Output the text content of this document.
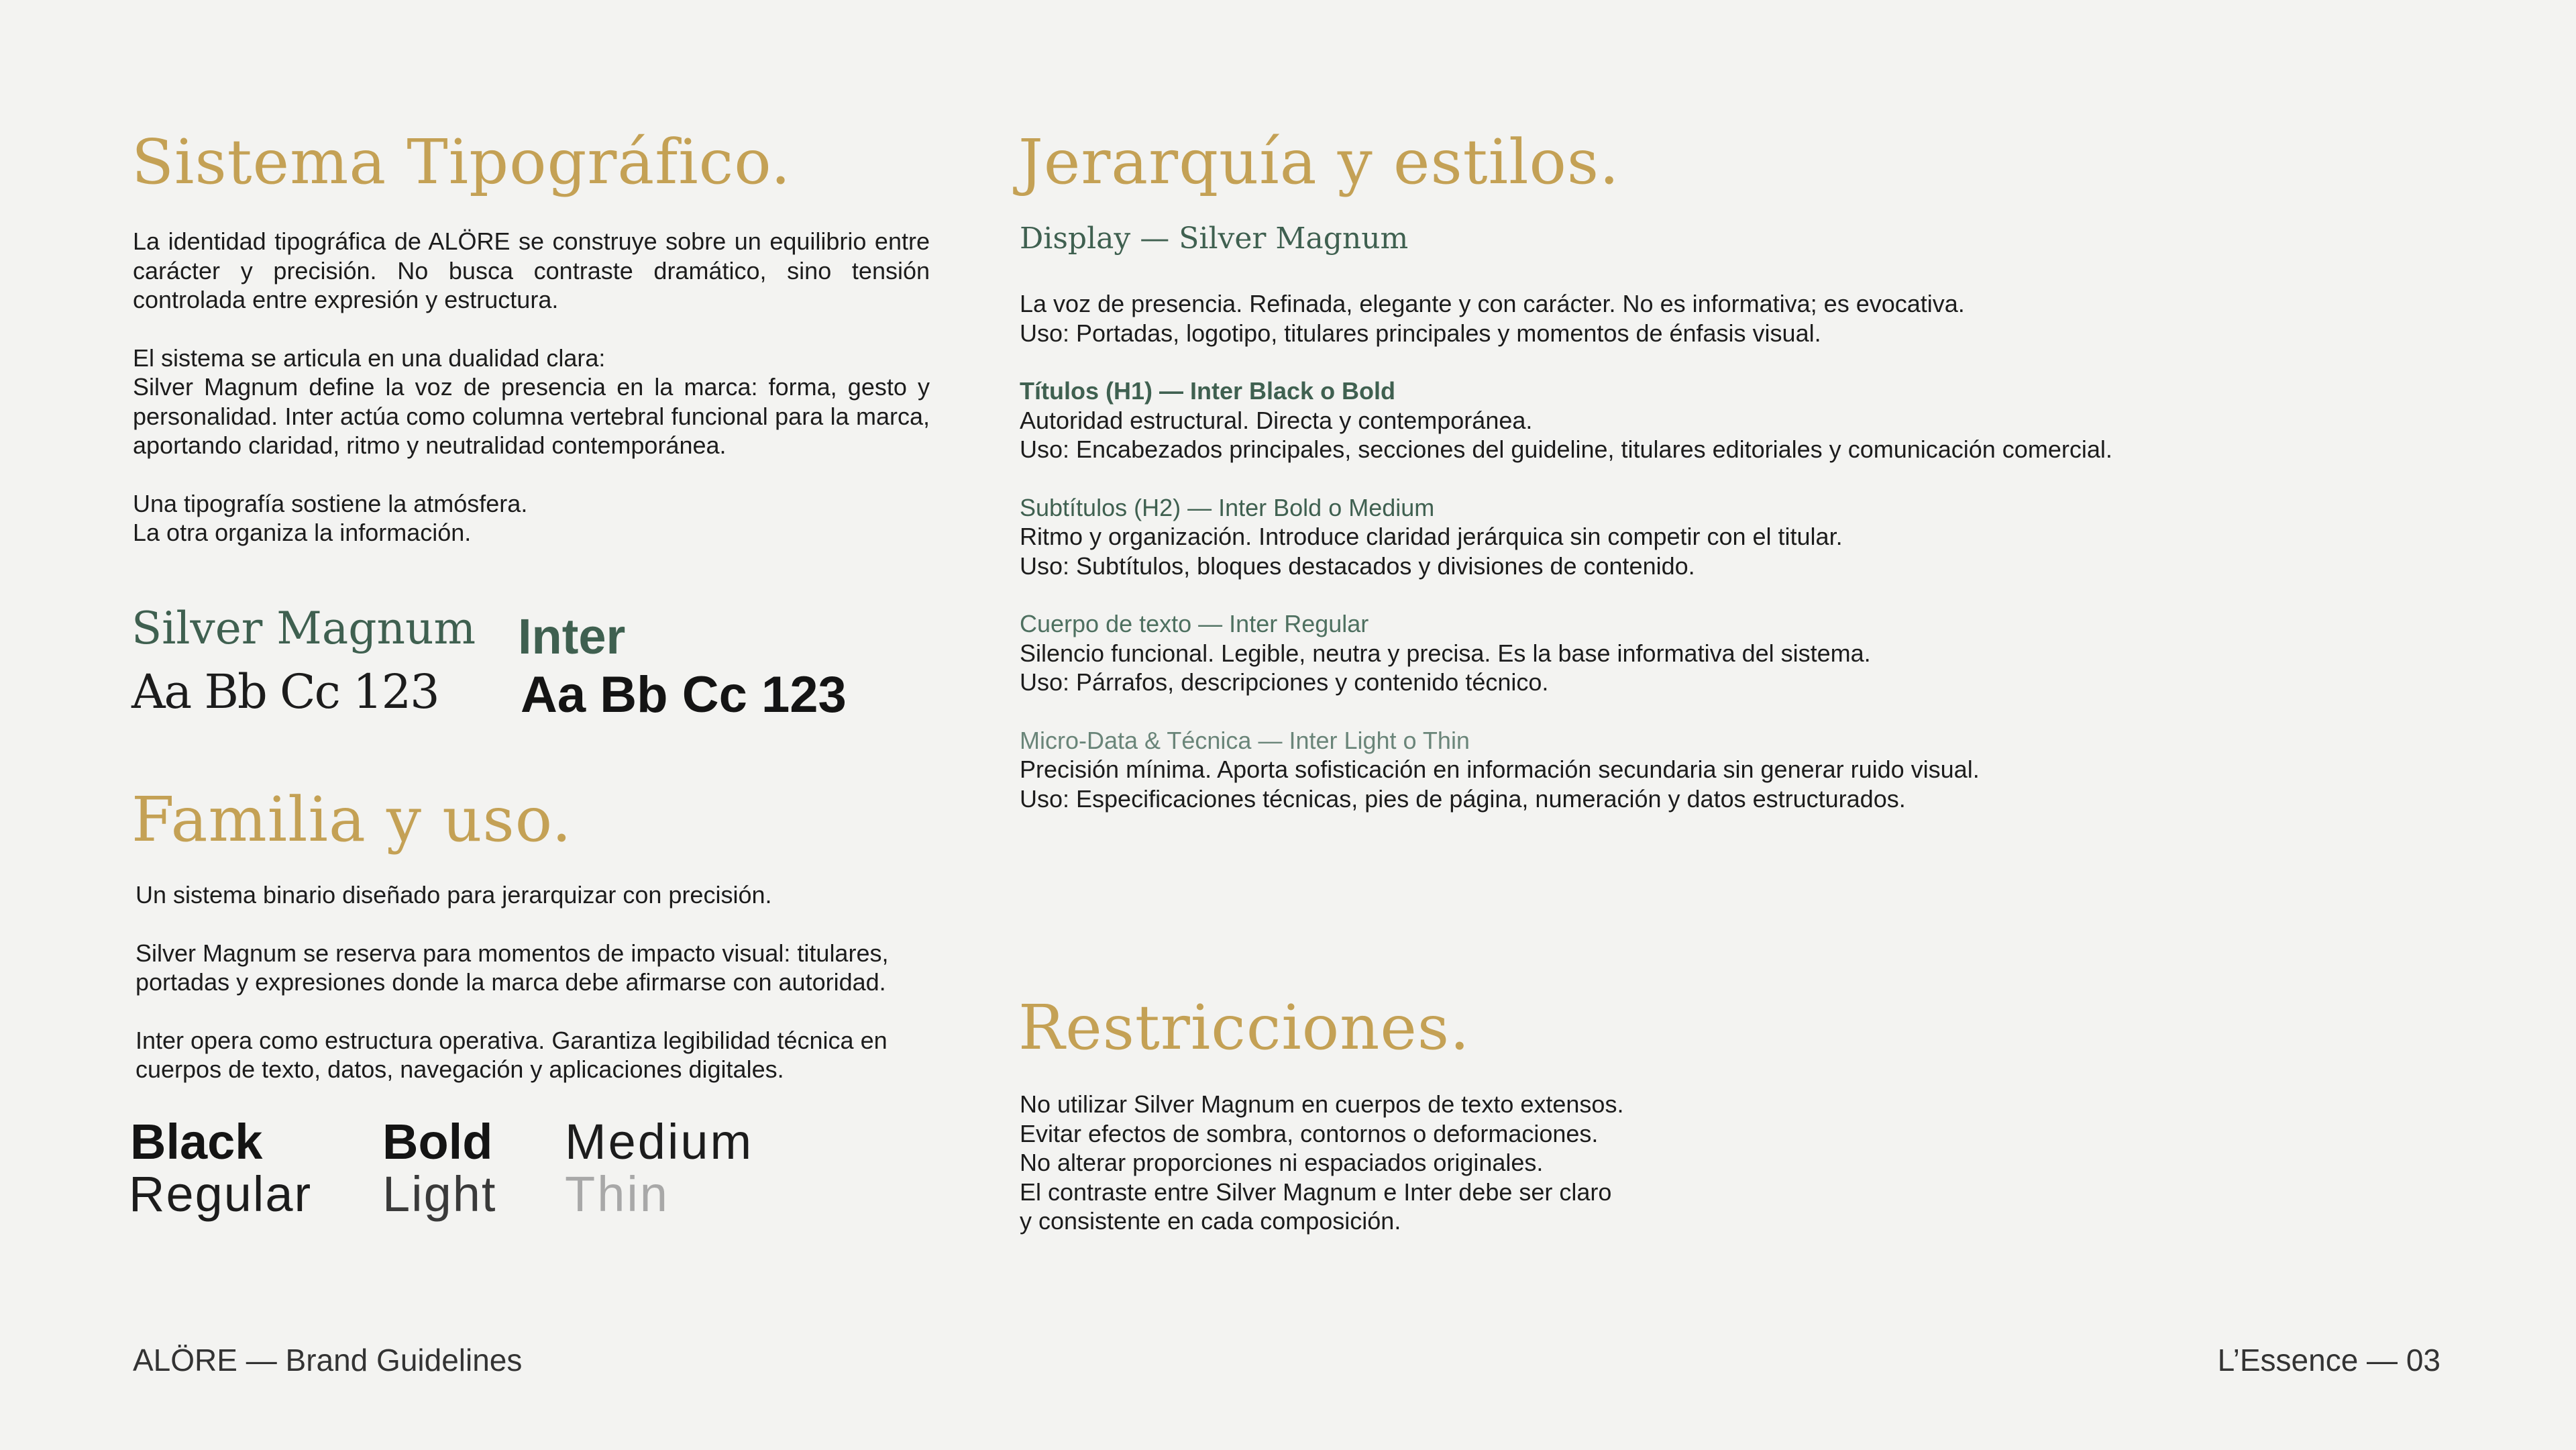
Sistema Tipográfico.

La identidad tipográfica de ALÖRE se construye sobre un equilibrio entre carácter y precisión. No busca contraste dramático, sino tensión controlada entre expresión y estructura.

El sistema se articula en una dualidad clara:

Silver Magnum define la voz de presencia en la marca: forma, gesto y personalidad. Inter actúa como columna vertebral funcional para la marca, aportando claridad, ritmo y neutralidad contemporánea.

Una tipografía sostiene la atmósfera.

La otra organiza la información.

Silver Magnum
Aa Bb Cc 123
Inter
Aa Bb Cc 123
Familia y uso.

Un sistema binario diseñado para jerarquizar con precisión.

Silver Magnum se reserva para momentos de impacto visual: titulares,

portadas y expresiones donde la marca debe afirmarse con autoridad.

Inter opera como estructura operativa. Garantiza legibilidad técnica en

cuerpos de texto, datos, navegación y aplicaciones digitales.

Black Bold Medium
Regular Light Thin
Jerarquía y estilos.

Display — Silver Magnum

La voz de presencia. Refinada, elegante y con carácter. No es informativa; es evocativa.

Uso: Portadas, logotipo, titulares principales y momentos de énfasis visual.

Títulos (H1) — Inter Black o Bold

Autoridad estructural. Directa y contemporánea.

Uso: Encabezados principales, secciones del guideline, titulares editoriales y comunicación comercial.

Subtítulos (H2) — Inter Bold o Medium

Ritmo y organización. Introduce claridad jerárquica sin competir con el titular.

Uso: Subtítulos, bloques destacados y divisiones de contenido.

Cuerpo de texto — Inter Regular

Silencio funcional. Legible, neutra y precisa. Es la base informativa del sistema.

Uso: Párrafos, descripciones y contenido técnico.

Micro-Data & Técnica — Inter Light o Thin

Precisión mínima. Aporta sofisticación en información secundaria sin generar ruido visual.

Uso: Especificaciones técnicas, pies de página, numeración y datos estructurados.

Restricciones.

No utilizar Silver Magnum en cuerpos de texto extensos.

Evitar efectos de sombra, contornos o deformaciones.

No alterar proporciones ni espaciados originales.

El contraste entre Silver Magnum e Inter debe ser claro

y consistente en cada composición.

ALÖRE — Brand Guidelines	L’Essence — 03
